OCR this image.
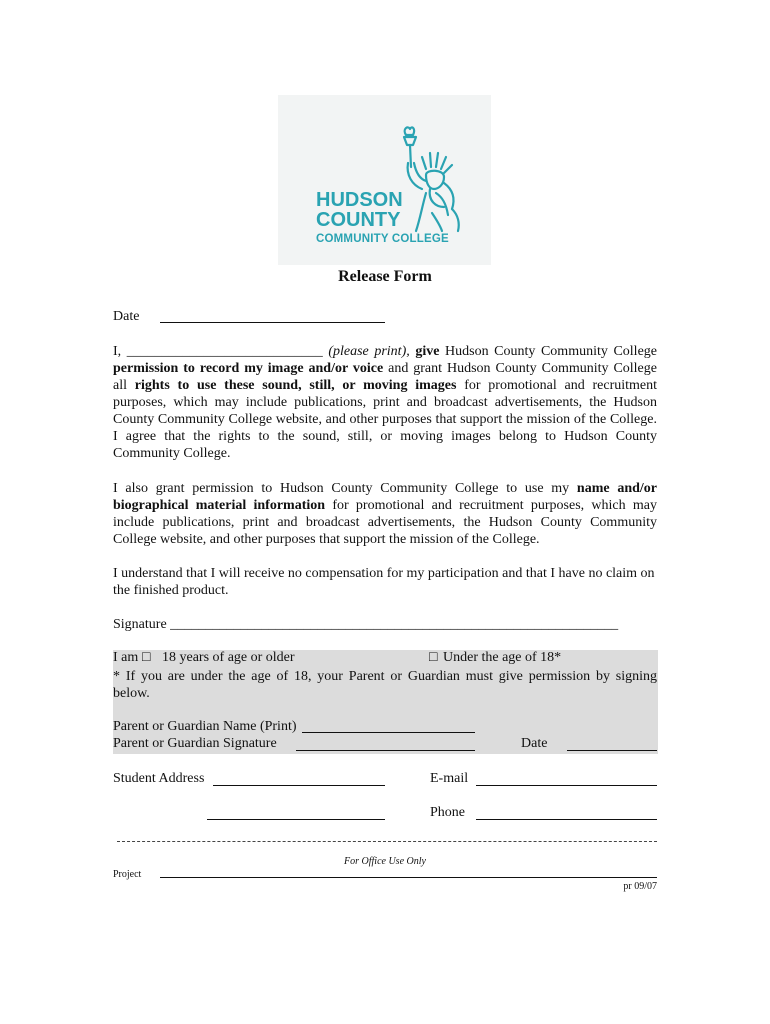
HUDSON
COUNTY
COMMUNITY COLLEGE
Release Form
Date
I, ____________________________ (please print), give Hudson County Community College permission to record my image and/or voice and grant Hudson County Community College all rights to use these sound, still, or moving images for promotional and recruitment purposes, which may include publications, print and broadcast advertisements, the Hudson County Community College website, and other purposes that support the mission of the College. I agree that the rights to the sound, still, or moving images belong to Hudson County Community College.
I also grant permission to Hudson County Community College to use my name and/or biographical material information for promotional and recruitment purposes, which may include publications, print and broadcast advertisements, the Hudson County Community College website, and other purposes that support the mission of the College.
I understand that I will receive no compensation for my participation and that I have no claim on the finished product.
Signature ________________________________________________________________
I am □ 18 years of age or older	□ Under the age of 18*
* If you are under the age of 18, your Parent or Guardian must give permission by signing below.
Parent or Guardian Name (Print)
Parent or Guardian Signature	Date
Student Address	E-mail
Phone
For Office Use Only
Project
pr 09/07
